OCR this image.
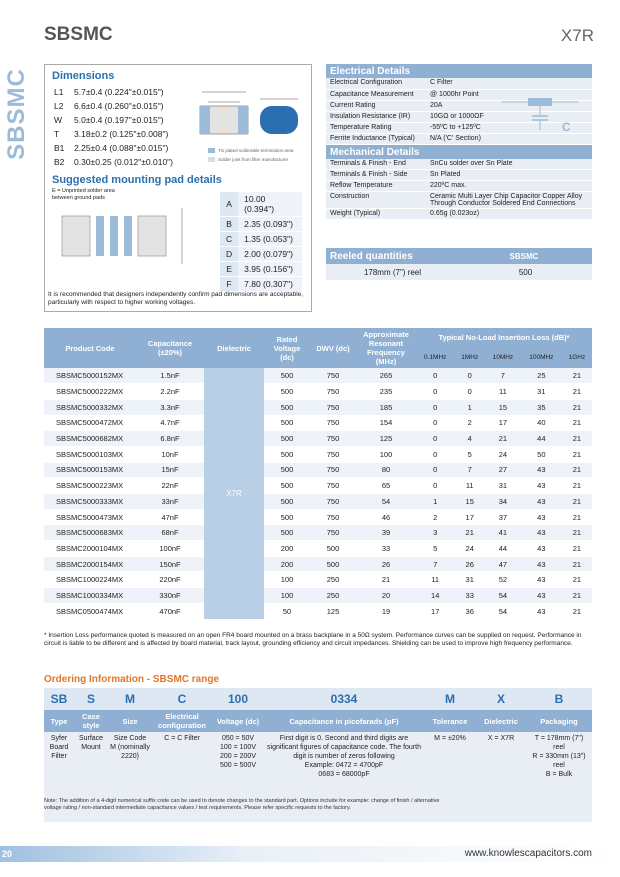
SBSMC	X7R
SBSMC Dimensions
L1	5.7±0.4 (0.224"±0.015")
L2	6.6±0.4 (0.260"±0.015")
W	5.0±0.4 (0.197"±0.015")
T	3.18±0.2 (0.125"±0.008")
B1	2.25±0.4 (0.088"±0.015")
B2	0.30±0.25 (0.012"±0.010")
Tin plated solderable termination area
Solder joint from filter manufacturer
Suggested mounting pad details
E = Unprinted solder area between ground pads
A	10.00 (0.394")
B	2.35 (0.093")
C	1.35 (0.053")
D	2.00 (0.079")
E	3.95 (0.156")
F	7.80 (0.307")
It is recommended that designers independently confirm pad dimensions are acceptable, particularly with respect to higher working voltages.
Electrical Details
Electrical Configuration	C Filter
Capacitance Measurement	@ 1000hr Point
Current Rating	20A
Insulation Resistance (IR)	10GΩ or 1000ΩF
Temperature Rating	-55ºC to +125ºC
Ferrite Inductance (Typical)	N/A ('C' Section)
Mechanical Details
Terminals & Finish - End	SnCu solder over Sn Plate
Terminals & Finish - Side	Sn Plated
Reflow Temperature	220ºC max.
Construction	Ceramic Multi Layer Chip Capacitor Copper Alloy Through Conductor Soldered End Connections
Weight (Typical)	0.65g (0.023oz)
C
Reeled quantities	SBSMC
178mm (7") reel	500
Product Code	Capacitance (±20%)	Dielectric	Rated Voltage (dc)	DWV (dc)	Approximate Resonant Frequency (MHz)	Typical No-Load Insertion Loss (dB)*				
						0.1MHz	1MHz	10MHz	100MHz	1GHz
SBSMC5000152MX	1.5nF	X7R	500	750	265	0	0	7	25	21
SBSMC5000222MX	2.2nF		500	750	235	0	0	11	31	21
SBSMC5000332MX	3.3nF		500	750	185	0	1	15	35	21
SBSMC5000472MX	4.7nF		500	750	154	0	2	17	40	21
SBSMC5000682MX	6.8nF		500	750	125	0	4	21	44	21
SBSMC5000103MX	10nF		500	750	100	0	5	24	50	21
SBSMC5000153MX	15nF		500	750	80	0	7	27	43	21
SBSMC5000223MX	22nF		500	750	65	0	11	31	43	21
SBSMC5000333MX	33nF		500	750	54	1	15	34	43	21
SBSMC5000473MX	47nF		500	750	46	2	17	37	43	21
SBSMC5000683MX	68nF		500	750	39	3	21	41	43	21
SBSMC2000104MX	100nF		200	500	33	5	24	44	43	21
SBSMC2000154MX	150nF		200	500	26	7	26	47	43	21
SBSMC1000224MX	220nF		100	250	21	11	31	52	43	21
SBSMC1000334MX	330nF		100	250	20	14	33	54	43	21
SBSMC0500474MX	470nF		50	125	19	17	36	54	43	21
* Insertion Loss performance quoted is measured on an open FR4 board mounted on a brass backplane in a 50Ω system. Performance curves can be supplied on request. Performance in circuit is liable to be different and is affected by board material, track layout, grounding efficiency and circuit impedances. Shielding can be used to improve high frequency performance.
Ordering Information - SBSMC range
SB	S	M	C	100	0334	M	X	B
Type	Case style	Size	Electrical configuration	Voltage (dc)	Capacitance in picofarads (pF)	Tolerance	Dielectric	Packaging
Syfer Board Filter	Surface Mount	Size Code M (nominally 2220)	C = C Filter	050 = 50V
100 = 100V
200 = 200V
500 = 500V	First digit is 0. Second and third digits are significant figures of capacitance code. The fourth digit is number of zeros following
Example: 0472 = 4700pF
0683 = 68000pF	M = ±20%	X = X7R	T = 178mm (7") reel
R = 330mm (13") reel
B = Bulk
Note: The addition of a 4-digit numerical suffix code can be used to denote changes to the standard part. Options include for example: change of finish / alternative voltage rating / non-standard intermediate capacitance values / test requirements. Please refer specific requests to the factory.
20	www.knowlescapacitors.com
